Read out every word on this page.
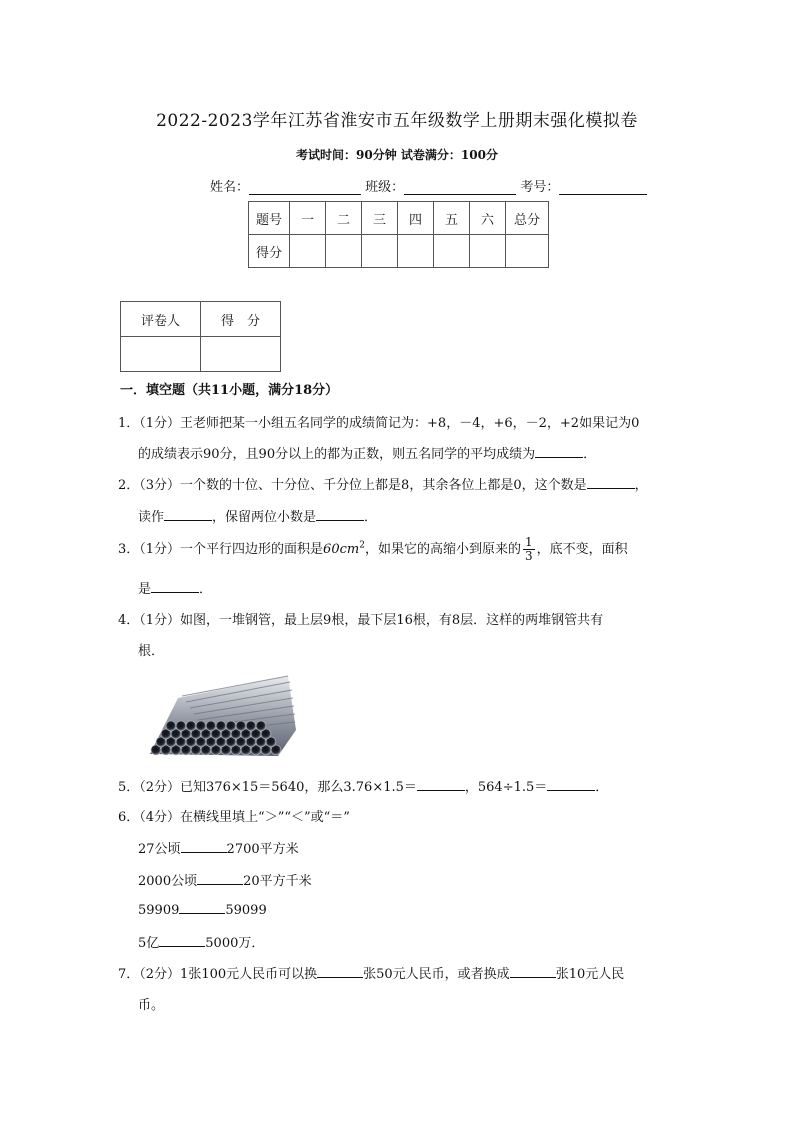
2022-2023学年江苏省淮安市五年级数学上册期末强化模拟卷
考试时间：90分钟 试卷满分：100分
姓名：	班级：	考号：
题号	一	二	三	四	五	六	总分
得分							
评卷人	得　分

一．填空题（共11小题，满分18分）
1．（1分）王老师把某一小组五名同学的成绩简记为：+8，－4，+6，－2，+2如果记为0
的成绩表示90分，且90分以上的都为正数，则五名同学的平均成绩为	．
2．（3分）一个数的十位、十分位、千分位上都是8，其余各位上都是0，这个数是	，
读作	，保留两位小数是	．
3．（1分）一个平行四边形的面积是$60cm^2$，如果它的高缩小到原来的 $\frac{1}{3}$ ，底不变，面积
是	．
4．（1分）如图，一堆钢管，最上层9根，最下层16根，有8层．这样的两堆钢管共有
根．
5．（2分）已知376×15＝5640，那么3.76×1.5＝	，564÷1.5＝	．
6．（4分）在横线里填上“＞”“＜”或“＝”
27公顷	2700平方米
2000公顷	20平方千米
59909	59099
5亿	5000万．
7．（2分）1张100元人民币可以换	张50元人民币，或者换成	张10元人民
币。
